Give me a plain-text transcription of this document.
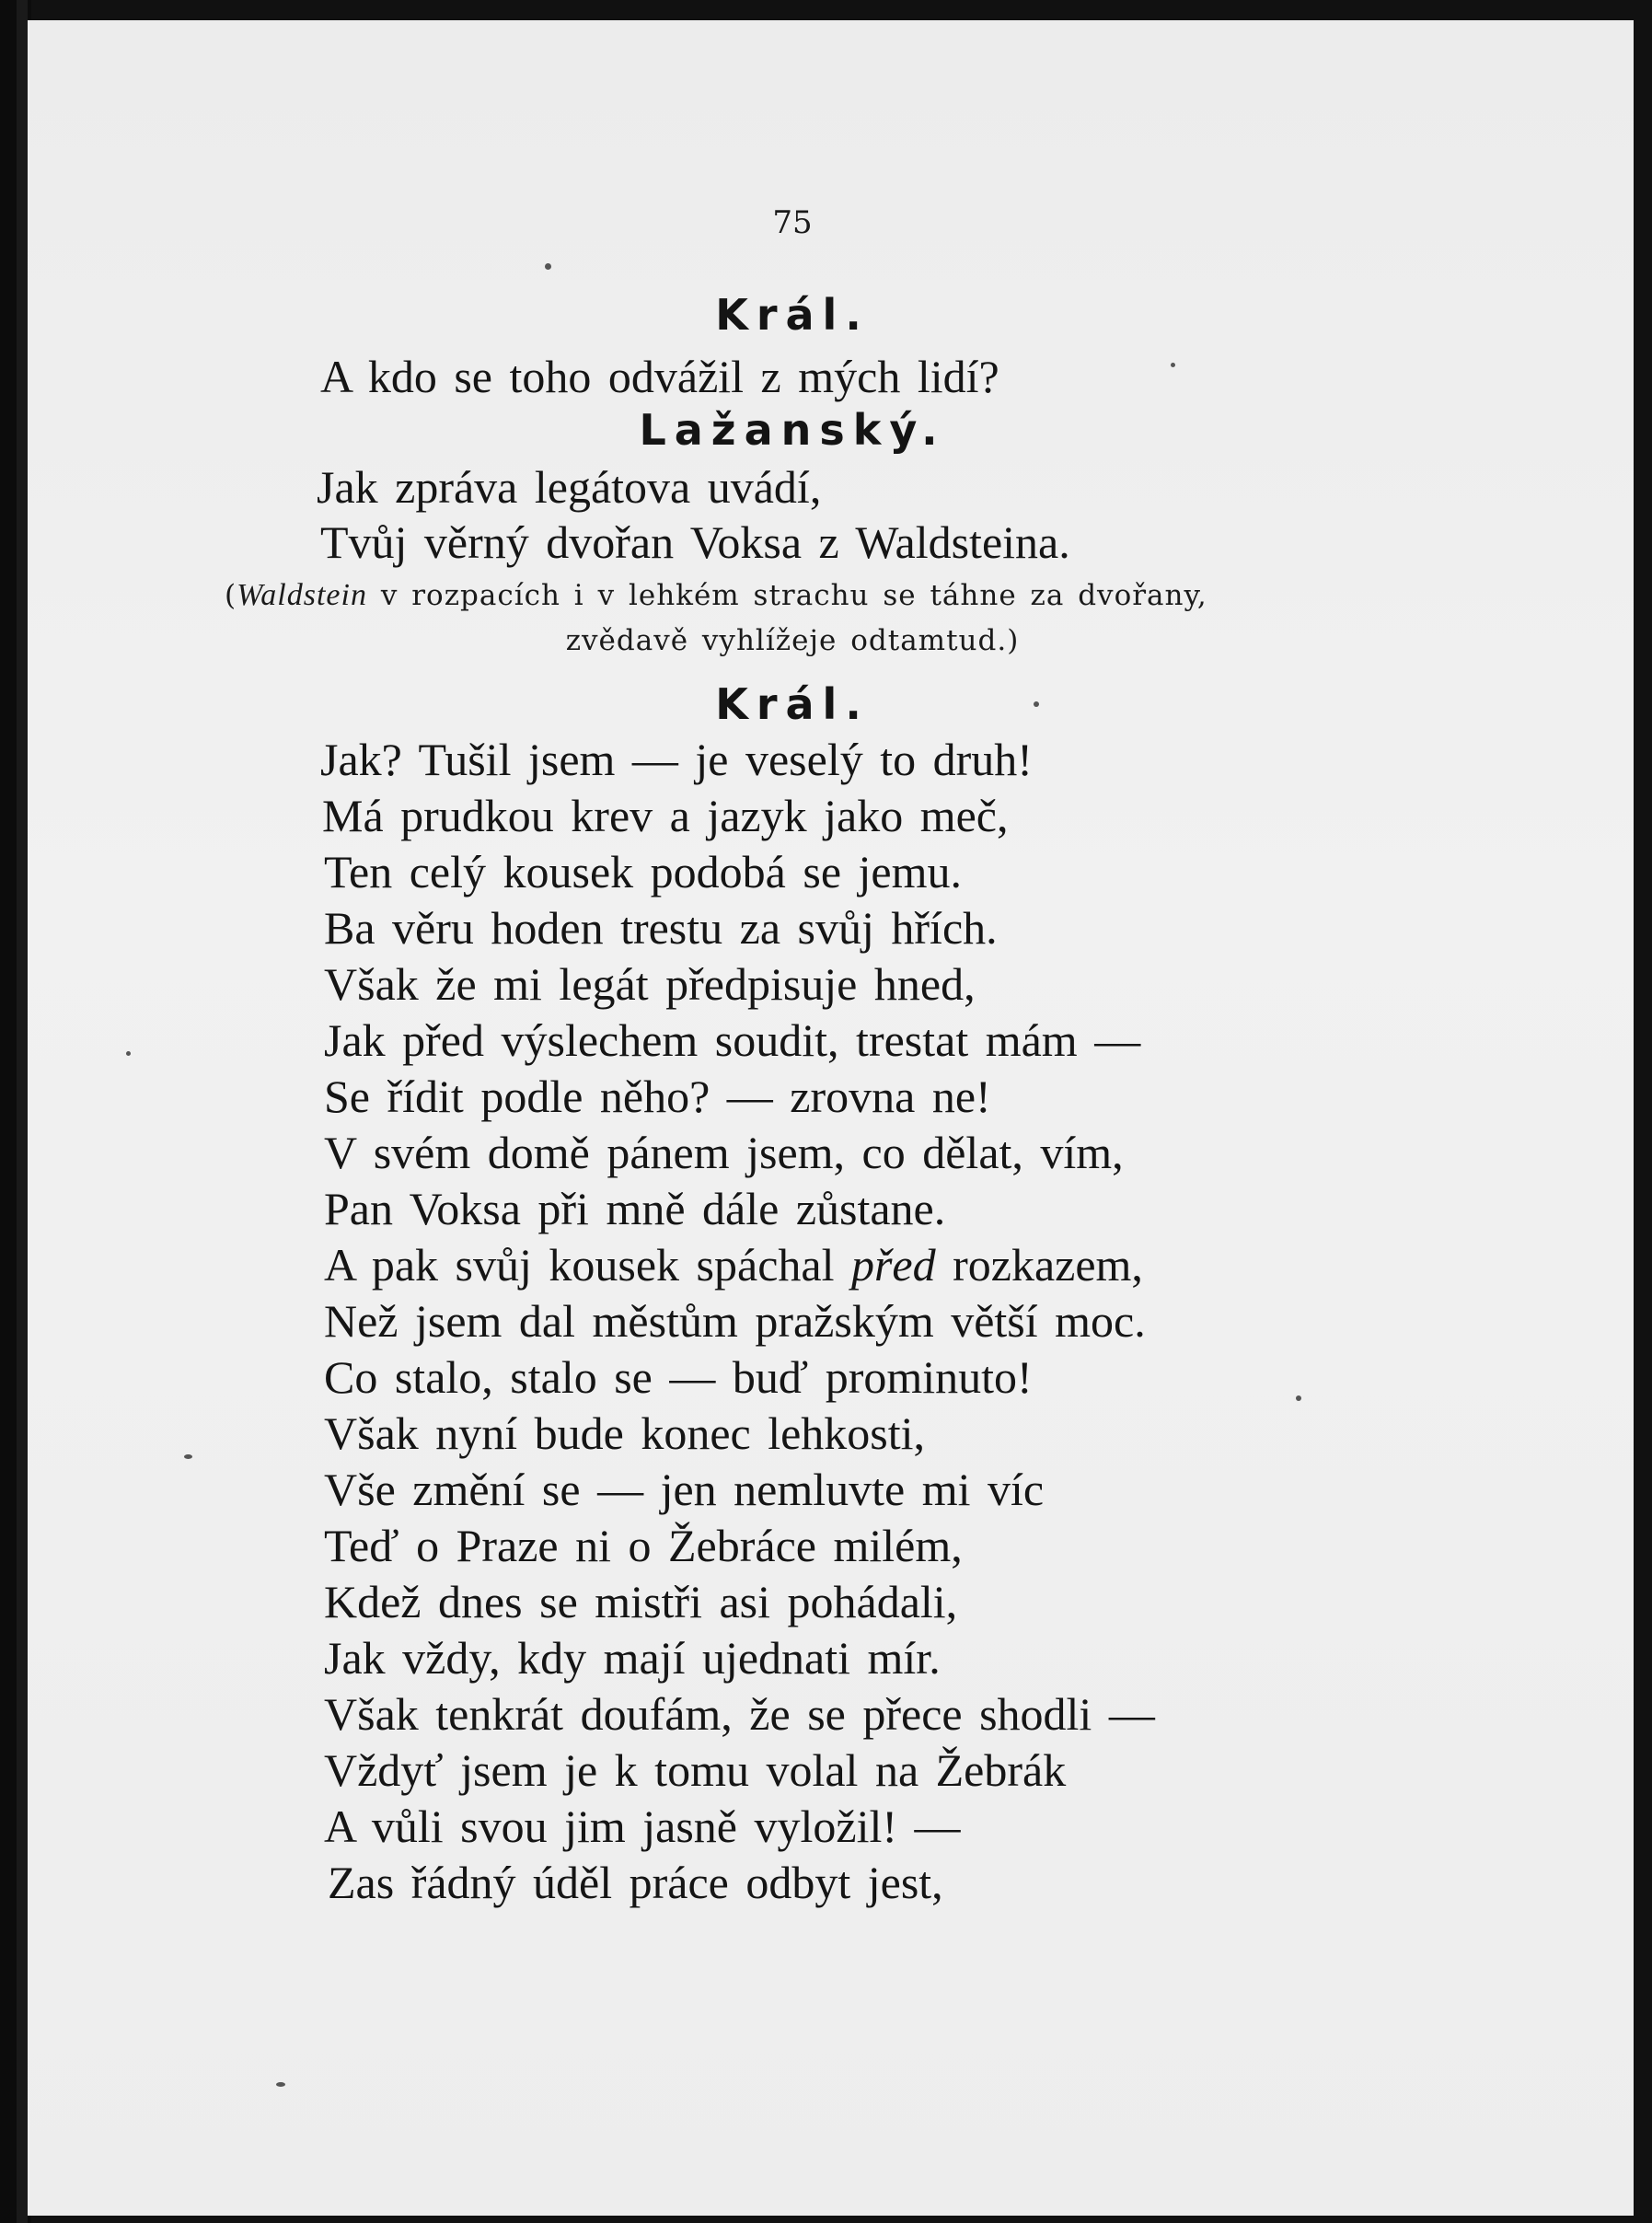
75
Král.
A kdo se toho odvážil z mých lidí?
Lažanský.
Jak zpráva legátova uvádí,
Tvůj věrný dvořan Voksa z Waldsteina.
(Waldstein v rozpacích i v lehkém strachu se táhne za dvořany,
zvědavě vyhlížeje odtamtud.)
Král.
Jak? Tušil jsem — je veselý to druh!
Má prudkou krev a jazyk jako meč,
Ten celý kousek podobá se jemu.
Ba věru hoden trestu za svůj hřích.
Však že mi legát předpisuje hned,
Jak před výslechem soudit, trestat mám —
Se řídit podle něho? — zrovna ne!
V svém domě pánem jsem, co dělat, vím,
Pan Voksa při mně dále zůstane.
A pak svůj kousek spáchal před rozkazem,
Než jsem dal městům pražským větší moc.
Co stalo, stalo se — buď prominuto!
Však nyní bude konec lehkosti,
Vše změní se — jen nemluvte mi víc
Teď o Praze ni o Žebráce milém,
Kdež dnes se mistři asi pohádali,
Jak vždy, kdy mají ujednati mír.
Však tenkrát doufám, že se přece shodli —
Vždyť jsem je k tomu volal na Žebrák
A vůli svou jim jasně vyložil! —
Zas řádný úděl práce odbyt jest,
